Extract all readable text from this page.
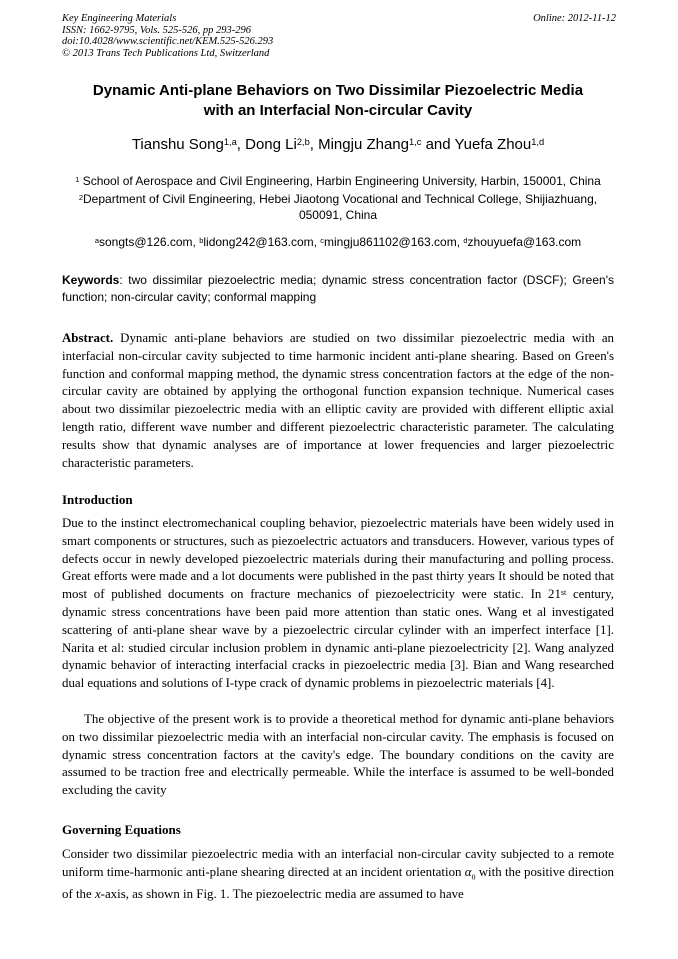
Key Engineering Materials
ISSN: 1662-9795, Vols. 525-526, pp 293-296
doi:10.4028/www.scientific.net/KEM.525-526.293
© 2013 Trans Tech Publications Ltd, Switzerland
Online: 2012-11-12
Dynamic Anti-plane Behaviors on Two Dissimilar Piezoelectric Media
with an Interfacial Non-circular Cavity
Tianshu Song$^{1,a}$, Dong Li$^{2,b}$, Mingju Zhang$^{1,c}$ and Yuefa Zhou$^{1,d}$
$^1$ School of Aerospace and Civil Engineering, Harbin Engineering University, Harbin, 150001, China
$^2$Department of Civil Engineering, Hebei Jiaotong Vocational and Technical College, Shijiazhuang,
050091, China
$^a$songts@126.com, $^b$lidong242@163.com, $^c$mingju861102@163.com, $^d$zhouyuefa@163.com
Keywords: two dissimilar piezoelectric media; dynamic stress concentration factor (DSCF); Green's function; non-circular cavity; conformal mapping
Abstract. Dynamic anti-plane behaviors are studied on two dissimilar piezoelectric media with an interfacial non-circular cavity subjected to time harmonic incident anti-plane shearing. Based on Green's function and conformal mapping method, the dynamic stress concentration factors at the edge of the non-circular cavity are obtained by applying the orthogonal function expansion technique. Numerical cases about two dissimilar piezoelectric media with an elliptic cavity are provided with different elliptic axial length ratio, different wave number and different piezoelectric characteristic parameter. The calculating results show that dynamic analyses are of importance at lower frequencies and larger piezoelectric characteristic parameters.
Introduction
Due to the instinct electromechanical coupling behavior, piezoelectric materials have been widely used in smart components or structures, such as piezoelectric actuators and transducers. However, various types of defects occur in newly developed piezoelectric materials during their manufacturing and polling process. Great efforts were made and a lot documents were published in the past thirty years It should be noted that most of published documents on fracture mechanics of piezoelectricity were static. In 21st century, dynamic stress concentrations have been paid more attention than static ones. Wang et al investigated scattering of anti-plane shear wave by a piezoelectric circular cylinder with an imperfect interface [1]. Narita et al: studied circular inclusion problem in dynamic anti-plane piezoelectricity [2]. Wang analyzed dynamic behavior of interacting interfacial cracks in piezoelectric media [3]. Bian and Wang researched dual equations and solutions of I-type crack of dynamic problems in piezoelectric materials [4].
The objective of the present work is to provide a theoretical method for dynamic anti-plane behaviors on two dissimilar piezoelectric media with an interfacial non-circular cavity. The emphasis is focused on dynamic stress concentration factors at the cavity's edge. The boundary conditions on the cavity are assumed to be traction free and electrically permeable. While the interface is assumed to be well-bonded excluding the cavity
Governing Equations
Consider two dissimilar piezoelectric media with an interfacial non-circular cavity subjected to a remote uniform time-harmonic anti-plane shearing directed at an incident orientation $\alpha_0$ with the positive direction of the x-axis, as shown in Fig. 1. The piezoelectric media are assumed to have
